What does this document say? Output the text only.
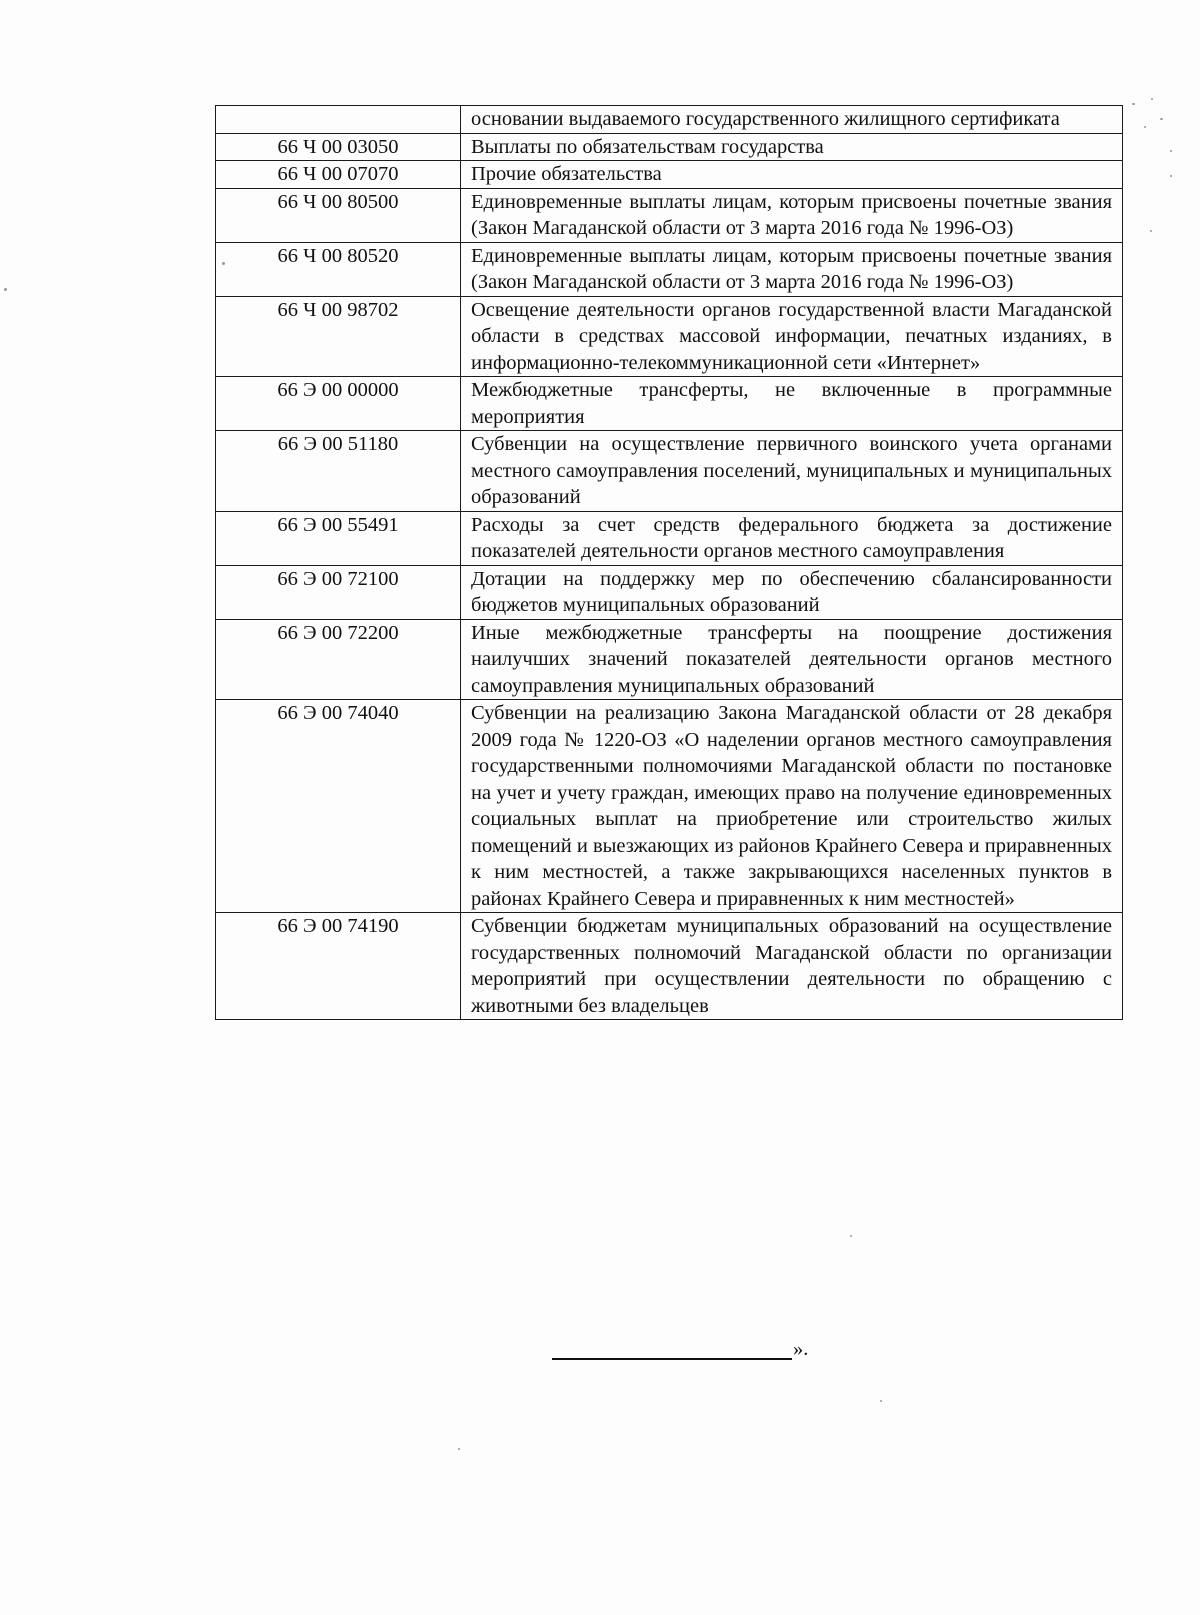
	основании выдаваемого государственного жилищного сертификата
66 Ч 00 03050	Выплаты по обязательствам государства
66 Ч 00 07070	Прочие обязательства
66 Ч 00 80500	Единовременные выплаты лицам, которым присвоены почетные звания (Закон Магаданской области от 3 марта 2016 года № 1996-ОЗ)
66 Ч 00 80520	Единовременные выплаты лицам, которым присвоены почетные звания (Закон Магаданской области от 3 марта 2016 года № 1996-ОЗ)
66 Ч 00 98702	Освещение деятельности органов государственной власти Магаданской области в средствах массовой информации, печатных изданиях, в информационно-телекоммуникационной сети «Интернет»
66 Э 00 00000	Межбюджетные трансферты, не включенные в программные мероприятия
66 Э 00 51180	Субвенции на осуществление первичного воинского учета органами местного самоуправления поселений, муниципальных и муниципальных образований
66 Э 00 55491	Расходы за счет средств федерального бюджета за достижение показателей деятельности органов местного самоуправления
66 Э 00 72100	Дотации на поддержку мер по обеспечению сбалансированности бюджетов муниципальных образований
66 Э 00 72200	Иные межбюджетные трансферты на поощрение достижения наилучших значений показателей деятельности органов местного самоуправления муниципальных образований
66 Э 00 74040	Субвенции на реализацию Закона Магаданской области от 28 декабря 2009 года № 1220-ОЗ «О наделении органов местного самоуправления государственными полномочиями Магаданской области по постановке на учет и учету граждан, имеющих право на получение единовременных социальных выплат на приобретение или строительство жилых помещений и выезжающих из районов Крайнего Севера и приравненных к ним местностей, а также закрывающихся населенных пунктов в районах Крайнего Севера и приравненных к ним местностей»
66 Э 00 74190	Субвенции бюджетам муниципальных образований на осуществление государственных полномочий Магаданской области по организации мероприятий при осуществлении деятельности по обращению с животными без владельцев
».
